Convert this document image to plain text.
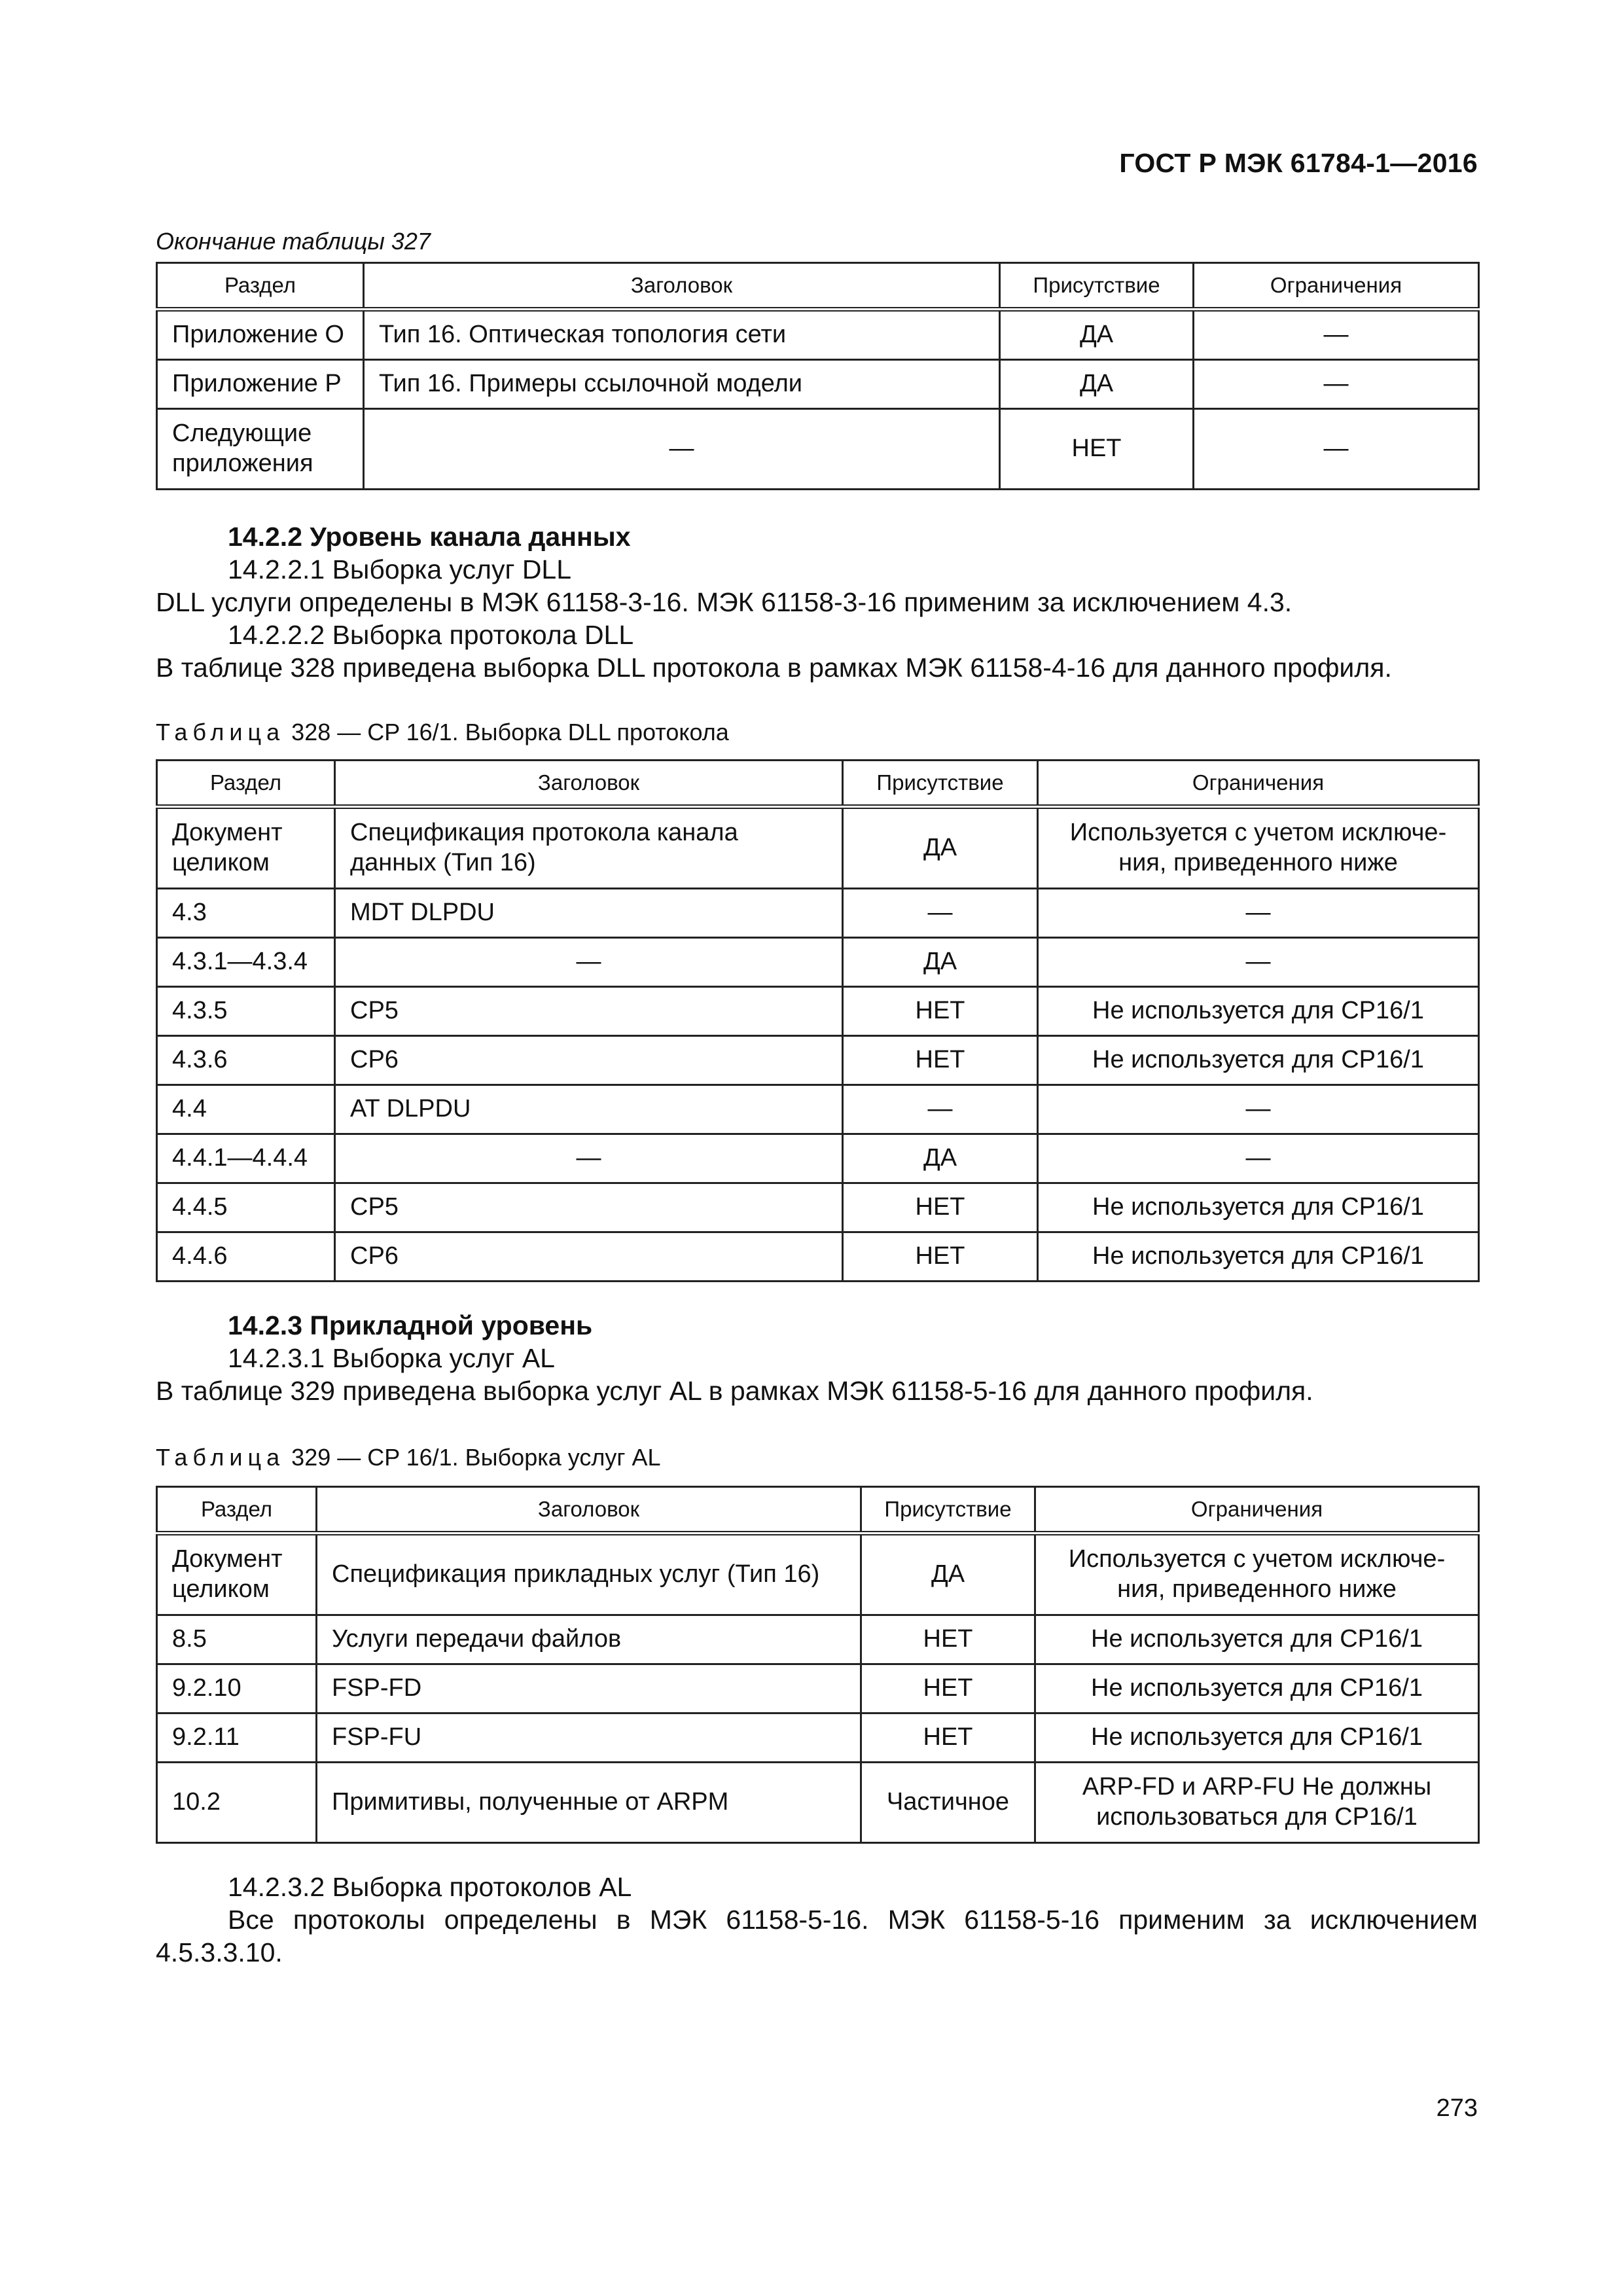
ГОСТ Р МЭК 61784-1—2016
Окончание таблицы 327
Раздел	Заголовок	Присутствие	Ограничения
Приложение O	Тип 16. Оптическая топология сети	ДА	—
Приложение P	Тип 16. Примеры ссылочной модели	ДА	—
Следующие приложения	—	НЕТ	—
14.2.2 Уровень канала данных
14.2.2.1 Выборка услуг DLL
DLL услуги определены в МЭК 61158-3-16. МЭК 61158-3-16 применим за исключением 4.3.
14.2.2.2 Выборка протокола DLL
В таблице 328 приведена выборка DLL протокола в рамках МЭК 61158-4-16 для данного профиля.
Таблица 328 — CP 16/1. Выборка DLL протокола
Раздел	Заголовок	Присутствие	Ограничения
Документ целиком	Спецификация протокола канала данных (Тип 16)	ДА	Используется с учетом исключе-ния, приведенного ниже
4.3	MDT DLPDU	—	—
4.3.1—4.3.4	—	ДА	—
4.3.5	CP5	НЕТ	Не используется для CP16/1
4.3.6	CP6	НЕТ	Не используется для CP16/1
4.4	AT DLPDU	—	—
4.4.1—4.4.4	—	ДА	—
4.4.5	CP5	НЕТ	Не используется для CP16/1
4.4.6	CP6	НЕТ	Не используется для CP16/1
14.2.3 Прикладной уровень
14.2.3.1 Выборка услуг AL
В таблице 329 приведена выборка услуг AL в рамках МЭК 61158-5-16 для данного профиля.
Таблица 329 — CP 16/1. Выборка услуг AL
Раздел	Заголовок	Присутствие	Ограничения
Документ целиком	Спецификация прикладных услуг (Тип 16)	ДА	Используется с учетом исключе-ния, приведенного ниже
8.5	Услуги передачи файлов	НЕТ	Не используется для CP16/1
9.2.10	FSP-FD	НЕТ	Не используется для CP16/1
9.2.11	FSP-FU	НЕТ	Не используется для CP16/1
10.2	Примитивы, полученные от ARPM	Частичное	ARP-FD и ARP-FU Не должны использоваться для CP16/1
14.2.3.2 Выборка протоколов AL
Все протоколы определены в МЭК 61158-5-16. МЭК 61158-5-16 применим за исключением
4.5.3.3.10.
273
